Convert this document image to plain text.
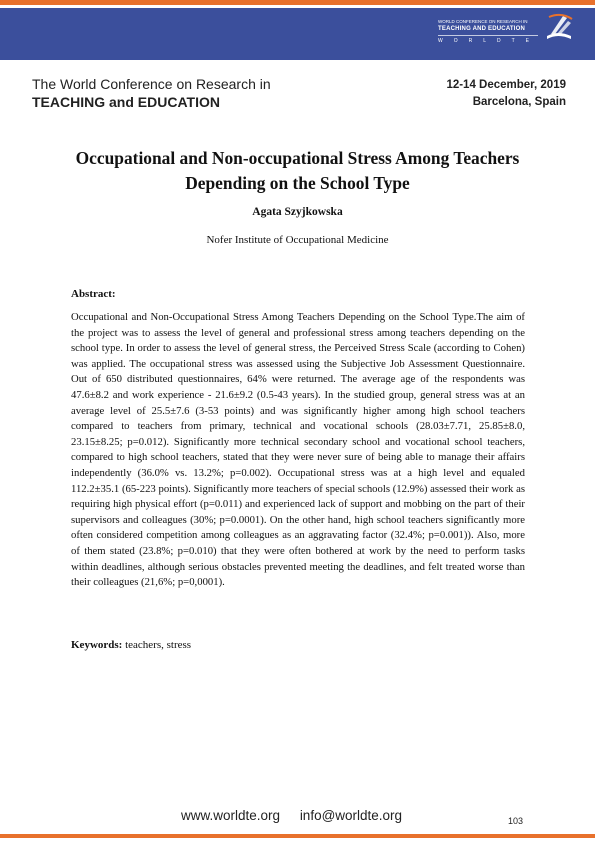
WORLD CONFERENCE ON RESEARCH IN
TEACHING AND EDUCATION
WORLDTE
The World Conference on Research in
TEACHING and EDUCATION
12-14 December, 2019
Barcelona, Spain
Occupational and Non-occupational Stress Among Teachers Depending on the School Type
Agata Szyjkowska
Nofer Institute of Occupational Medicine
Abstract:
Occupational and Non-Occupational Stress Among Teachers Depending on the School Type.The aim of the project was to assess the level of general and professional stress among teachers depending on the school type. In order to assess the level of general stress, the Perceived Stress Scale (according to Cohen) was applied. The occupational stress was assessed using the Subjective Job Assessment Questionnaire. Out of 650 distributed questionnaires, 64% were returned. The average age of the respondents was 47.6±8.2 and work experience - 21.6±9.2 (0.5-43 years). In the studied group, general stress was at an average level of 25.5±7.6 (3-53 points) and was significantly higher among high school teachers compared to teachers from primary, technical and vocational schools (28.03±7.71, 25.85±8.0, 23.15±8.25; p=0.012). Significantly more technical secondary school and vocational school teachers, compared to high school teachers, stated that they were never sure of being able to manage their affairs independently (36.0% vs. 13.2%; p=0.002). Occupational stress was at a high level and equaled 112.2±35.1 (65-223 points). Significantly more teachers of special schools (12.9%) assessed their work as requiring high physical effort (p=0.011) and experienced lack of support and mobbing on the part of their supervisors and colleagues (30%; p=0.0001). On the other hand, high school teachers significantly more often considered competition among colleagues as an aggravating factor (32.4%; p=0.001)). Also, more of them stated (23.8%; p=0.010) that they were often bothered at work by the need to perform tasks within deadlines, although serious obstacles prevented meeting the deadlines, and felt treated worse than their colleagues (21,6%; p=0,0001).
Keywords: teachers, stress
www.worldte.org info@worldte.org	103
